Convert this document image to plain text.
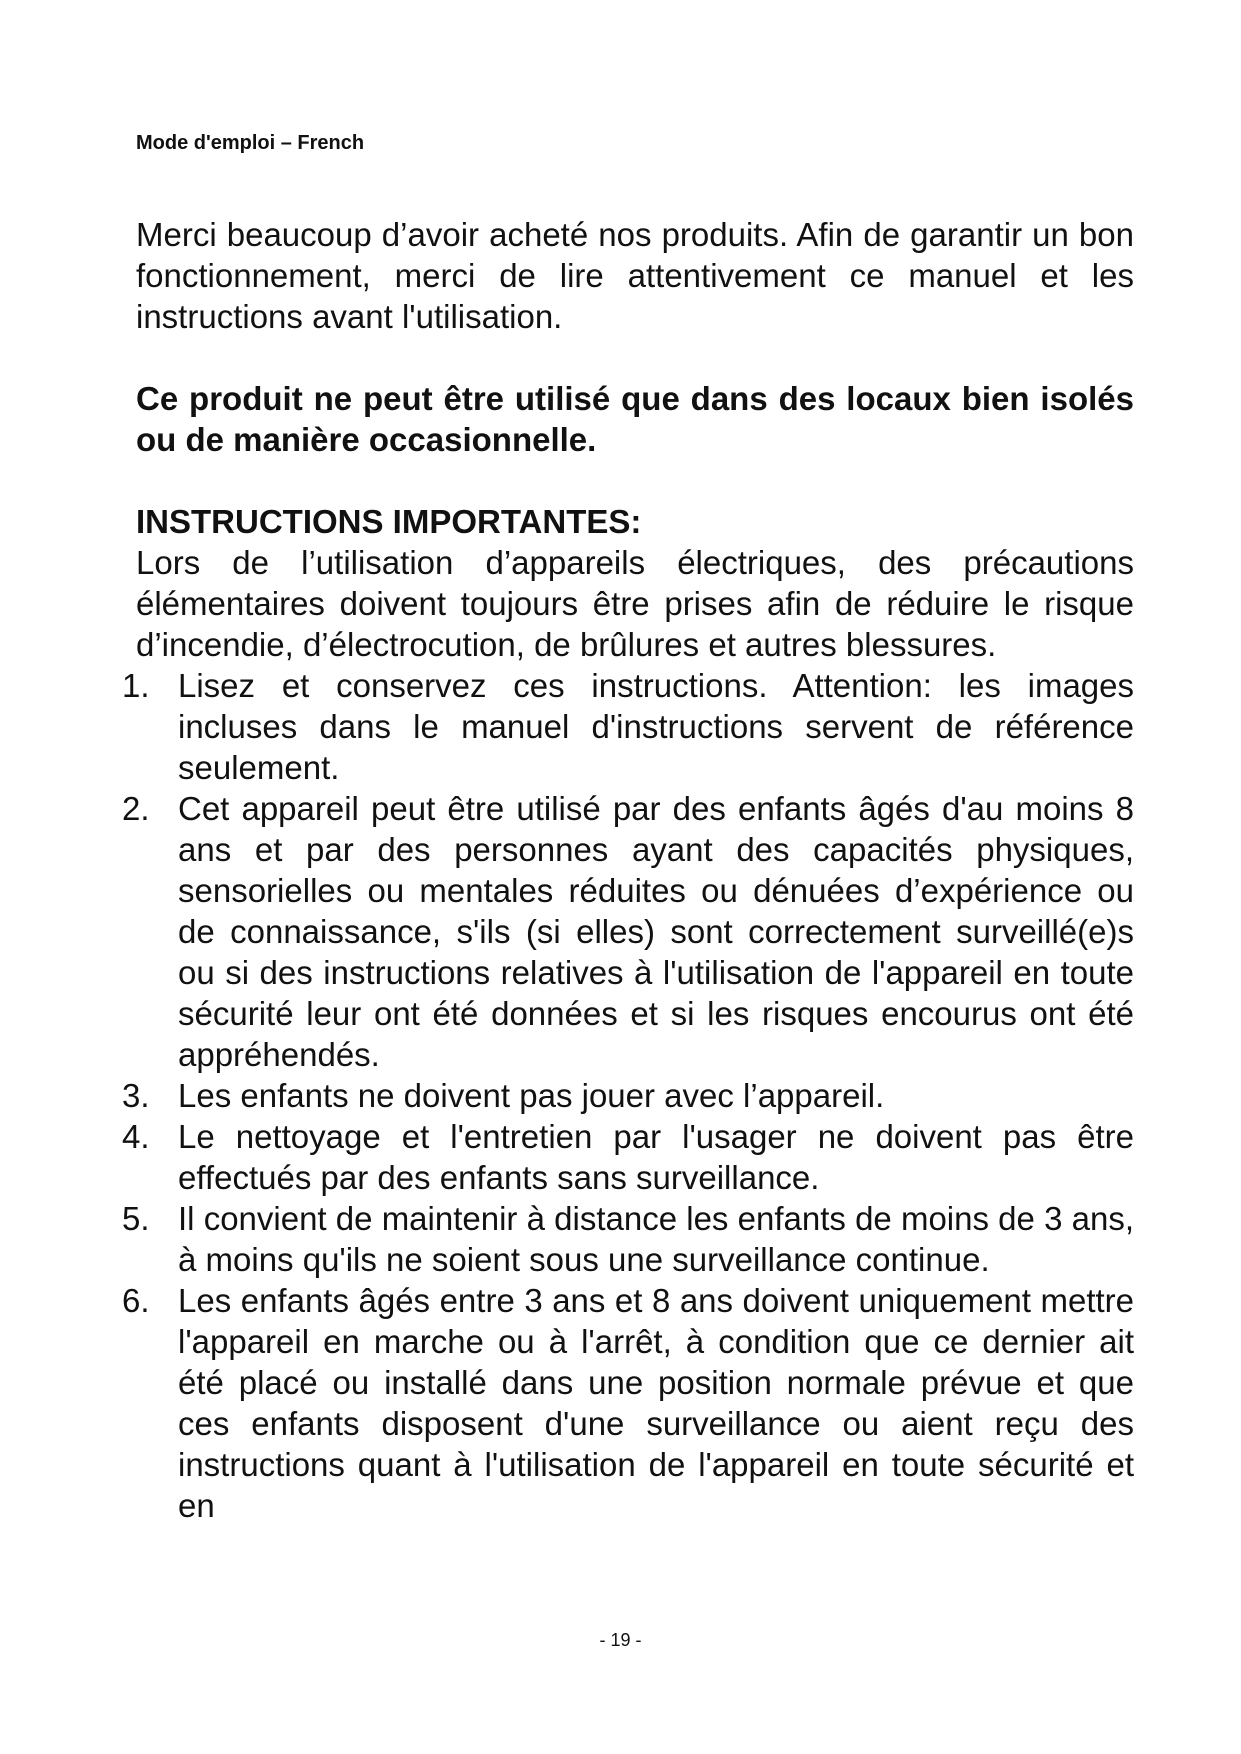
Mode d'emploi – French

Merci beaucoup d’avoir acheté nos produits. Afin de garantir un bon fonctionnement, merci de lire attentivement ce manuel et les instructions avant l'utilisation.

Ce produit ne peut être utilisé que dans des locaux bien isolés ou de manière occasionnelle.

INSTRUCTIONS IMPORTANTES:

Lors de l’utilisation d’appareils électriques, des précautions élémentaires doivent toujours être prises afin de réduire le risque d’incendie, d’électrocution, de brûlures et autres blessures.

1. Lisez et conservez ces instructions. Attention: les images incluses dans le manuel d'instructions servent de référence seulement.
2. Cet appareil peut être utilisé par des enfants âgés d'au moins 8 ans et par des personnes ayant des capacités physiques, sensorielles ou mentales réduites ou dénuées d’expérience ou de connaissance, s'ils (si elles) sont correctement surveillé(e)s ou si des instructions relatives à l'utilisation de l'appareil en toute sécurité leur ont été données et si les risques encourus ont été appréhendés.
3. Les enfants ne doivent pas jouer avec l’appareil.
4. Le nettoyage et l'entretien par l'usager ne doivent pas être effectués par des enfants sans surveillance.
5. Il convient de maintenir à distance les enfants de moins de 3 ans, à moins qu'ils ne soient sous une surveillance continue.
6. Les enfants âgés entre 3 ans et 8 ans doivent uniquement mettre l'appareil en marche ou à l'arrêt, à condition que ce dernier ait été placé ou installé dans une position normale prévue et que ces enfants disposent d'une surveillance ou aient reçu des instructions quant à l'utilisation de l'appareil en toute sécurité et en
- 19 -
